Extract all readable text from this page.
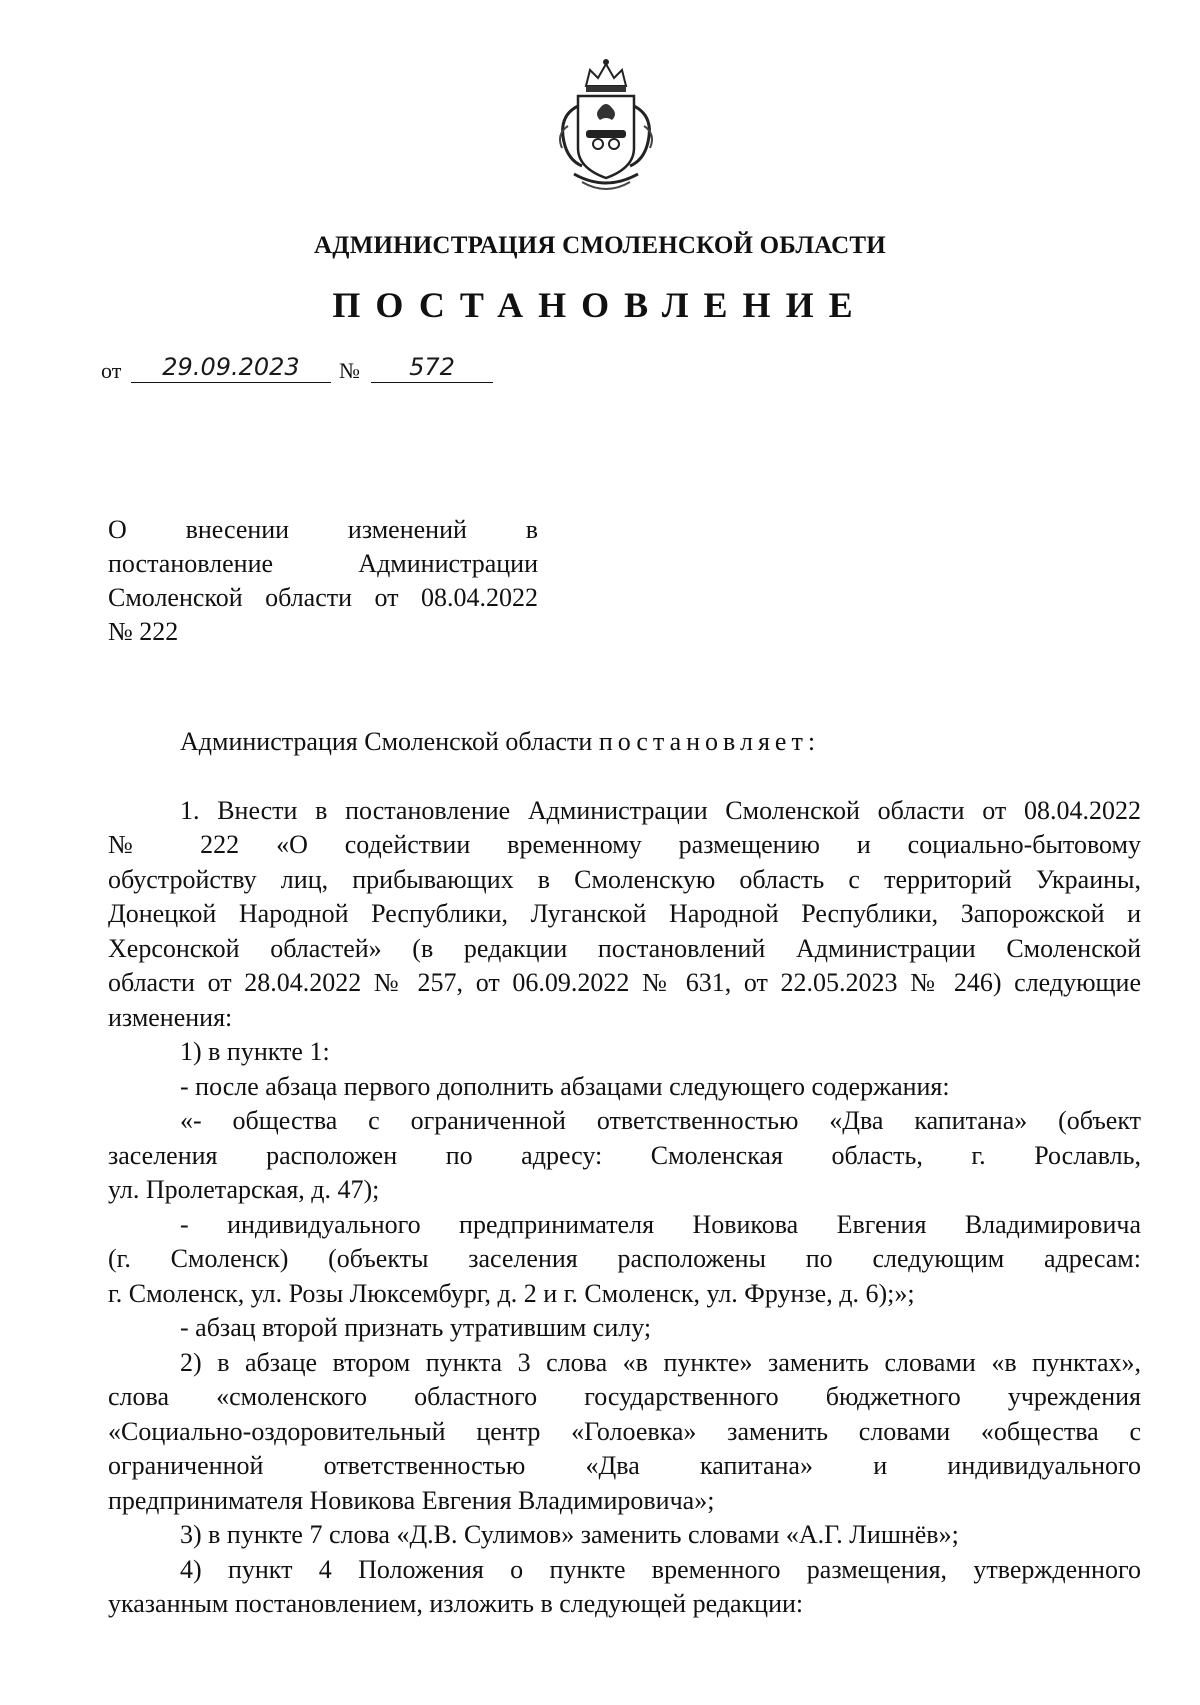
АДМИНИСТРАЦИЯ СМОЛЕНСКОЙ ОБЛАСТИ
ПОСТАНОВЛЕНИЕ
от	29.09.2023	№	572
О внесении изменений в
постановление Администрации
Смоленской области от 08.04.2022
№ 222
Администрация Смоленской области постановляет:
1. Внести в постановление Администрации Смоленской области от 08.04.2022
№ 222 «О содействии временному размещению и социально-бытовому
обустройству лиц, прибывающих в Смоленскую область с территорий Украины,
Донецкой Народной Республики, Луганской Народной Республики, Запорожской и
Херсонской областей» (в редакции постановлений Администрации Смоленской
области от 28.04.2022 № 257, от 06.09.2022 № 631, от 22.05.2023 № 246) следующие
изменения:
1) в пункте 1:
- после абзаца первого дополнить абзацами следующего содержания:
«- общества с ограниченной ответственностью «Два капитана» (объект
заселения расположен по адресу: Смоленская область, г. Рославль,
ул. Пролетарская, д. 47);
- индивидуального предпринимателя Новикова Евгения Владимировича
(г. Смоленск) (объекты заселения расположены по следующим адресам:
г. Смоленск, ул. Розы Люксембург, д. 2 и г. Смоленск, ул. Фрунзе, д. 6);»;
- абзац второй признать утратившим силу;
2) в абзаце втором пункта 3 слова «в пункте» заменить словами «в пунктах»,
слова «смоленского областного государственного бюджетного учреждения
«Социально-оздоровительный центр «Голоевка» заменить словами «общества с
ограниченной ответственностью «Два капитана» и индивидуального
предпринимателя Новикова Евгения Владимировича»;
3) в пункте 7 слова «Д.В. Сулимов» заменить словами «А.Г. Лишнёв»;
4) пункт 4 Положения о пункте временного размещения, утвержденного
указанным постановлением, изложить в следующей редакции:
